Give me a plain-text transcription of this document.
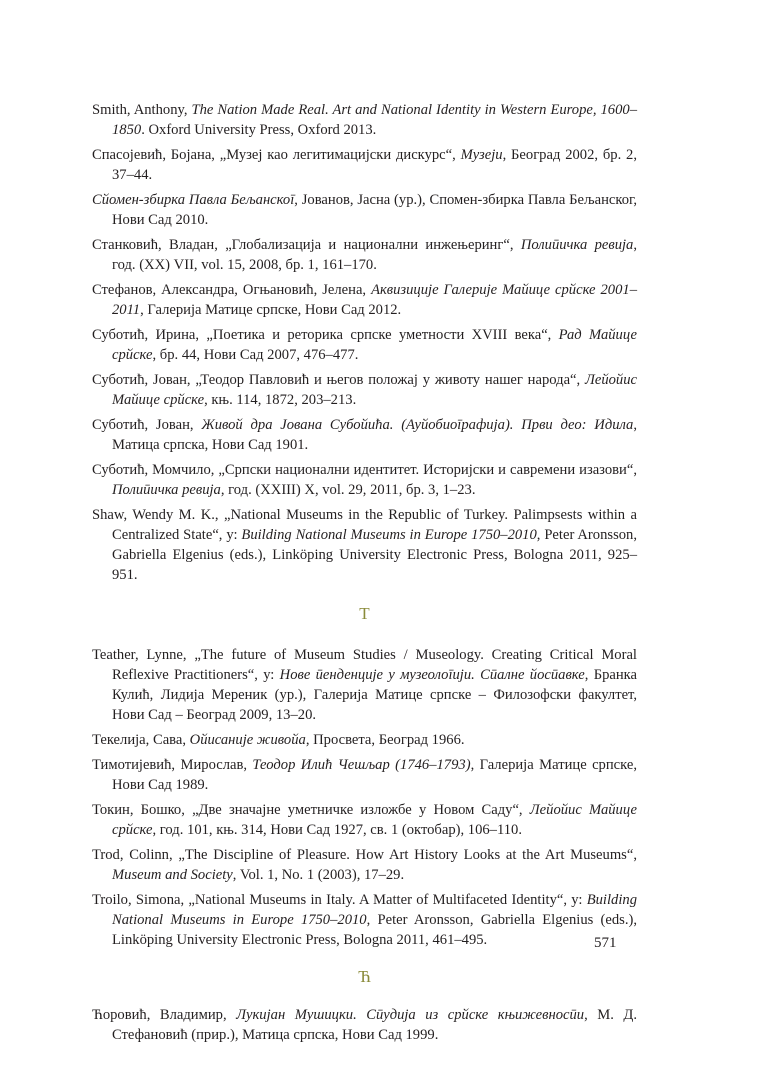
Smith, Anthony, The Nation Made Real. Art and National Identity in Western Europe, 1600–1850. Oxford University Press, Oxford 2013.

Спасојевић, Бојана, „Музеј као легитимацијски дискурс“, Музеји, Београд 2002, бр. 2, 37–44.

Сйомен-збирка Павла Бељанскоī, Јованов, Јасна (ур.), Спомен-збирка Павла Бељанског, Нови Сад 2010.

Станковић, Владан, „Глобализација и национални инжењеринг“, Полиӣичка ревија, год. (XX) VII, vol. 15, 2008, бр. 1, 161–170.

Стефанов, Александра, Огњановић, Јелена, Аквизиције Галерије Майице срйске 2001–2011, Галерија Матице српске, Нови Сад 2012.

Суботић, Ирина, „Поетика и реторика српске уметности XVIII века“, Рад Майице срйске, бр. 44, Нови Сад 2007, 476–477.

Суботић, Јован, „Теодор Павловић и његов положај у животу нашег народа“, Лейойис Майице срйске, књ. 114, 1872, 203–213.

Суботић, Јован, Живой дра Јована Субойића. (Ауйобиоīрафија). Први део: Идила, Матица српска, Нови Сад 1901.

Суботић, Момчило, „Српски национални идентитет. Историјски и савремени изазови“, Полиӣичка ревија, год. (XXIII) X, vol. 29, 2011, бр. 3, 1–23.

Shaw, Wendy M. K., „National Museums in the Republic of Turkey. Palimpsests within a Centralized State“, у: Building National Museums in Europe 1750–2010, Peter Aronsson, Gabriella Elgenius (eds.), Linköping University Electronic Press, Bologna 2011, 925–951.

Т

Teather, Lynne, „The future of Museum Studies / Museology. Creating Critical Moral Reflexive Practitioners“, у: Нове ӣенденције у музеолоīији. Сӣалне йосӣавке, Бранка Кулић, Лидија Мереник (ур.), Галерија Матице српске – Филозофски факултет, Нови Сад – Београд 2009, 13–20.

Текелија, Сава, Ойисаније живойа, Просвета, Београд 1966.

Тимотијевић, Мирослав, Теодор Илић Чешљар (1746–1793), Галерија Матице српске, Нови Сад 1989.

Токин, Бошко, „Две значајне уметничке изложбе у Новом Саду“, Лейойис Майице срйске, год. 101, књ. 314, Нови Сад 1927, св. 1 (октобар), 106–110.

Trod, Colinn, „The Discipline of Pleasure. How Art History Looks at the Art Museums“, Museum and Society, Vol. 1, No. 1 (2003), 17–29.

Troilo, Simona, „National Museums in Italy. A Matter of Multifaceted Identity“, у: Building National Museums in Europe 1750–2010, Peter Aronsson, Gabriella Elgenius (eds.), Linköping University Electronic Press, Bologna 2011, 461–495.

Ћ

Ћоровић, Владимир, Лукијан Мушицки. Сӣудија из срйске књижевносӣи, М. Д. Стефановић (прир.), Матица српска, Нови Сад 1999.

571
